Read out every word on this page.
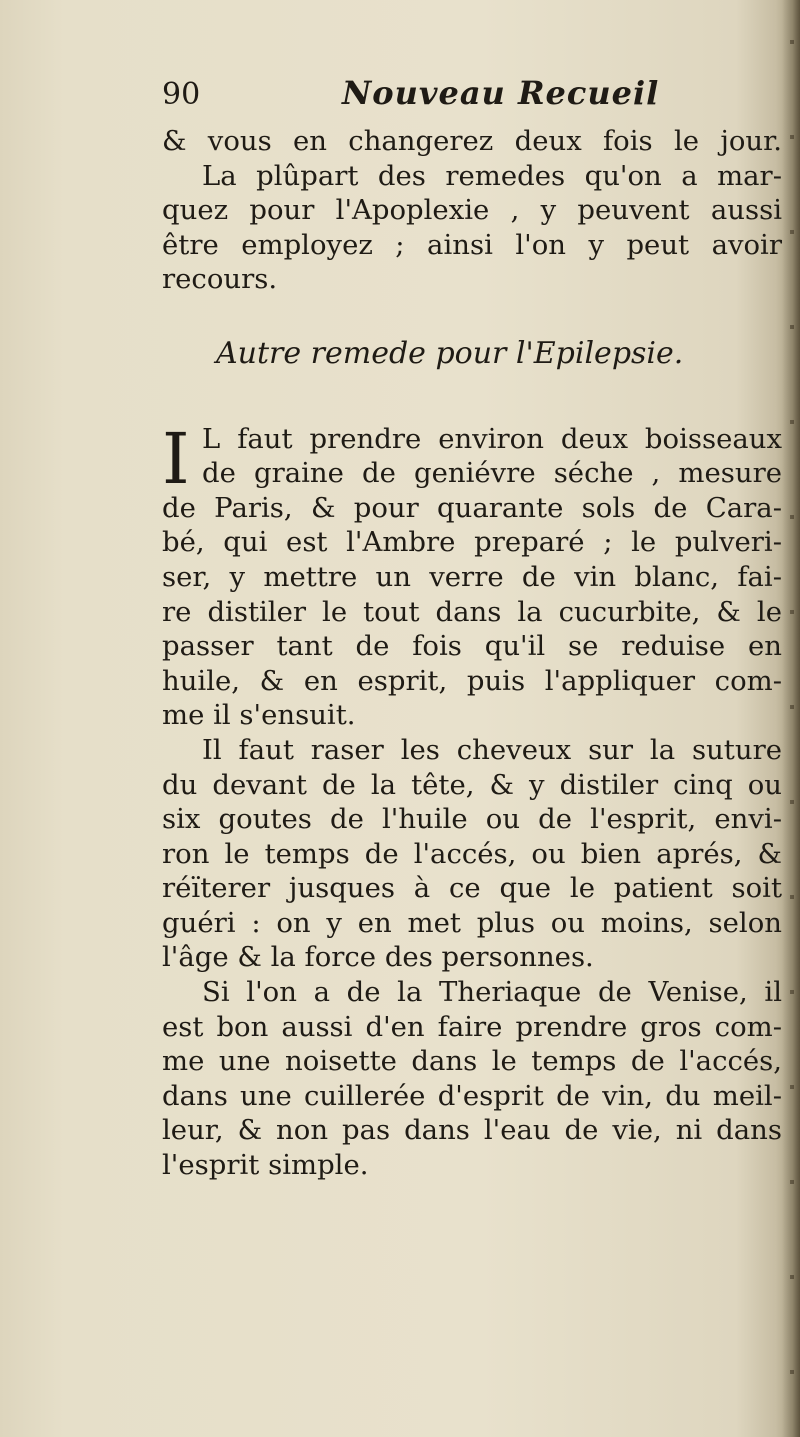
90	Nouveau Recueil
& vous en changerez deux fois le jour.
La plûpart des remedes qu'on a mar-
quez pour l'Apoplexie , y peuvent aussi
être employez ; ainsi l'on y peut avoir
recours.
Autre remede pour l'Epilepsie.
I L faut prendre environ deux boisseaux
de graine de geniévre séche , mesure
de Paris, & pour quarante sols de Cara-
bé, qui est l'Ambre preparé ; le pulveri-
ser, y mettre un verre de vin blanc, fai-
re distiler le tout dans la cucurbite, & le
passer tant de fois qu'il se reduise en
huile, & en esprit, puis l'appliquer com-
me il s'ensuit.
Il faut raser les cheveux sur la suture
du devant de la tête, & y distiler cinq ou
six goutes de l'huile ou de l'esprit, envi-
ron le temps de l'accés, ou bien aprés, &
réïterer jusques à ce que le patient soit
guéri : on y en met plus ou moins, selon
l'âge & la force des personnes.
Si l'on a de la Theriaque de Venise, il
est bon aussi d'en faire prendre gros com-
me une noisette dans le temps de l'accés,
dans une cuillerée d'esprit de vin, du meil-
leur, & non pas dans l'eau de vie, ni dans
l'esprit simple.
